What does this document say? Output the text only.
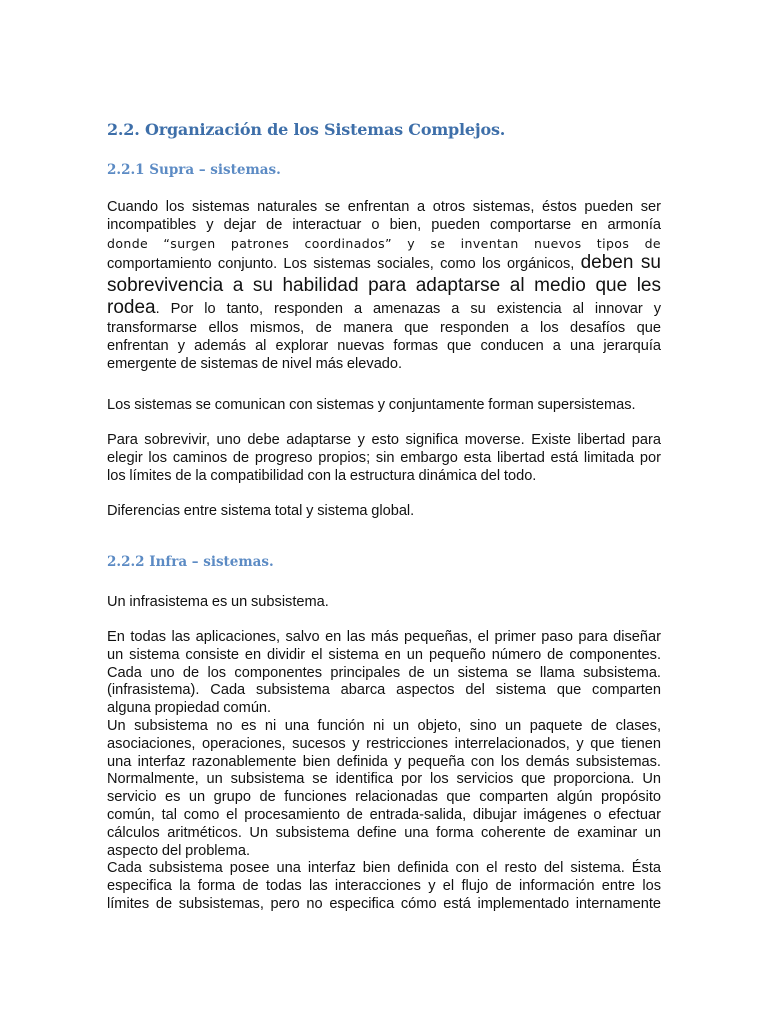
2.2. Organización de los Sistemas Complejos.
2.2.1 Supra – sistemas.
Cuando los sistemas naturales se enfrentan a otros sistemas, éstos pueden ser
incompatibles y dejar de interactuar o bien, pueden comportarse en armonía
donde “surgen patrones coordinados” y se inventan nuevos tipos de
comportamiento conjunto. Los sistemas sociales, como los orgánicos, deben su
sobrevivencia a su habilidad para adaptarse al medio que les
rodea. Por lo tanto, responden a amenazas a su existencia al innovar y
transformarse ellos mismos, de manera que responden a los desafíos que
enfrentan y además al explorar nuevas formas que conducen a una jerarquía
emergente de sistemas de nivel más elevado.

Los sistemas se comunican con sistemas y conjuntamente forman supersistemas.

Para sobrevivir, uno debe adaptarse y esto significa moverse. Existe libertad para
elegir los caminos de progreso propios; sin embargo esta libertad está limitada por
los límites de la compatibilidad con la estructura dinámica del todo.

Diferencias entre sistema total y sistema global.

2.2.2 Infra – sistemas.

Un infrasistema es un subsistema.

En todas las aplicaciones, salvo en las más pequeñas, el primer paso para diseñar
un sistema consiste en dividir el sistema en un pequeño número de componentes.
Cada uno de los componentes principales de un sistema se llama subsistema.
(infrasistema). Cada subsistema abarca aspectos del sistema que comparten
alguna propiedad común.
Un subsistema no es ni una función ni un objeto, sino un paquete de clases,
asociaciones, operaciones, sucesos y restricciones interrelacionados, y que tienen
una interfaz razonablemente bien definida y pequeña con los demás subsistemas.
Normalmente, un subsistema se identifica por los servicios que proporciona. Un
servicio es un grupo de funciones relacionadas que comparten algún propósito
común, tal como el procesamiento de entrada-salida, dibujar imágenes o efectuar
cálculos aritméticos. Un subsistema define una forma coherente de examinar un
aspecto del problema.
Cada subsistema posee una interfaz bien definida con el resto del sistema. Ésta
especifica la forma de todas las interacciones y el flujo de información entre los
límites de subsistemas, pero no especifica cómo está implementado internamente
